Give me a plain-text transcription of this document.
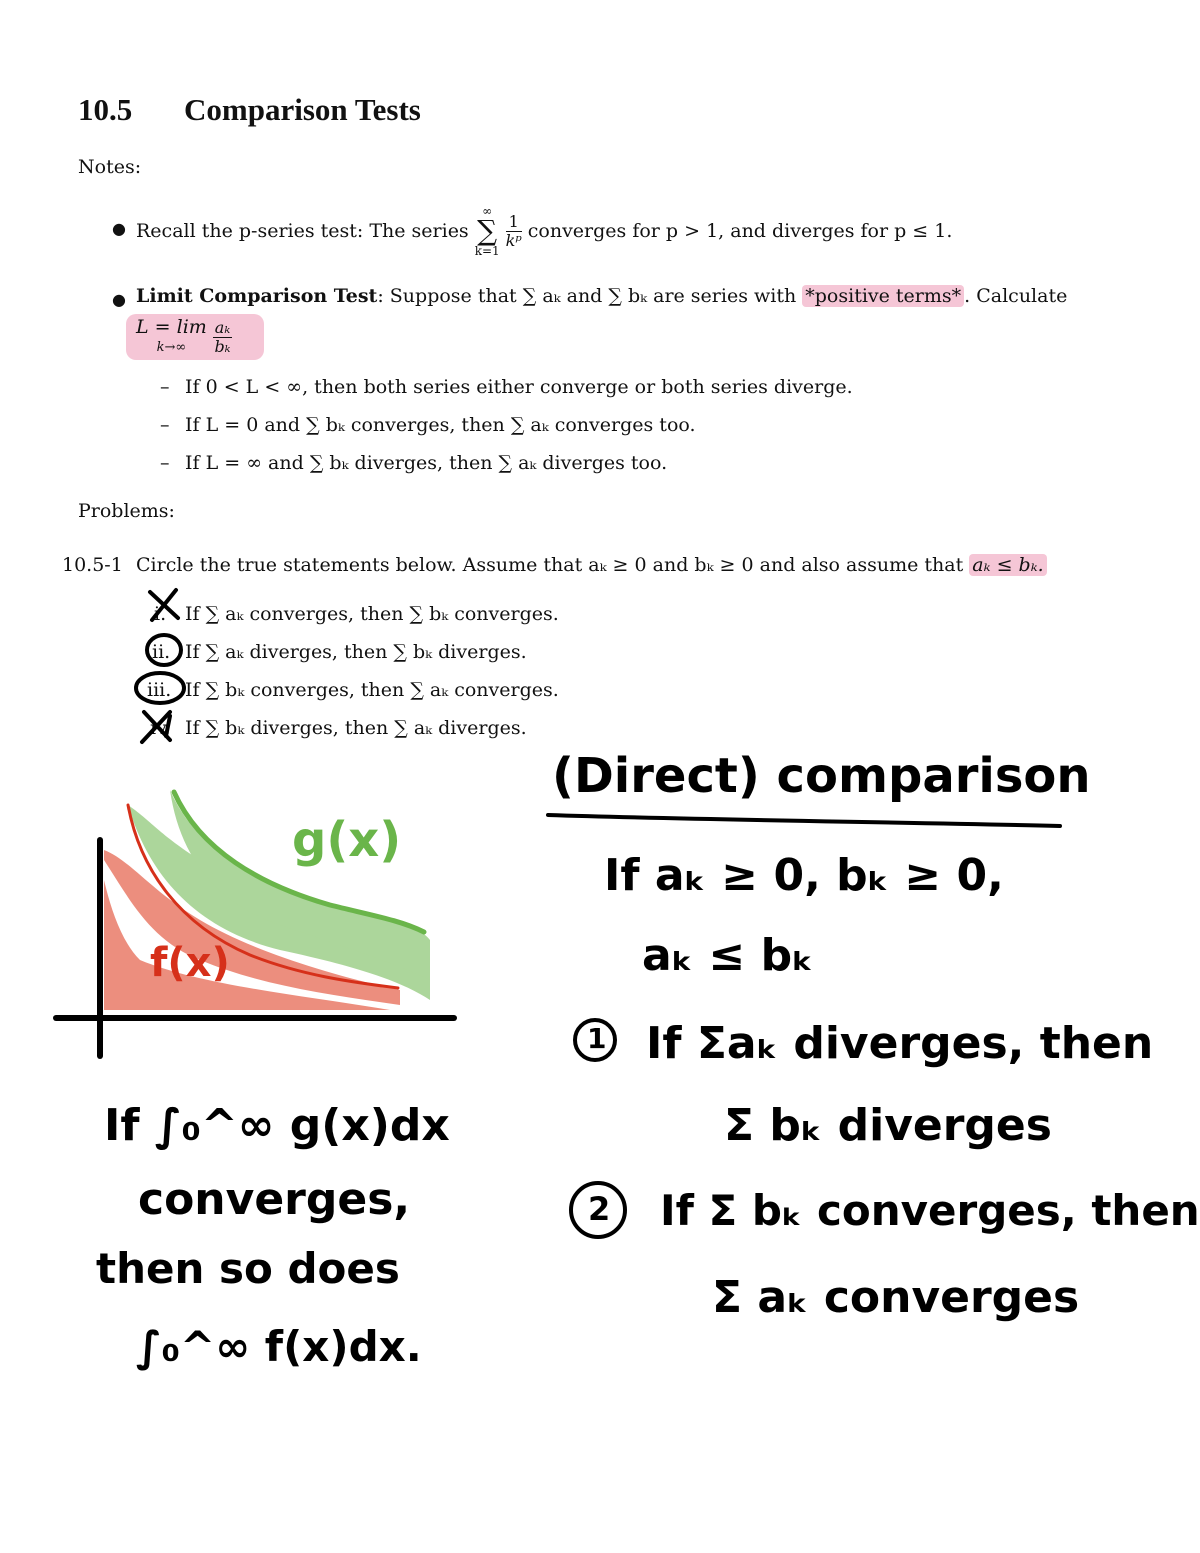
10.5 Comparison Tests
Notes:
● Recall the p-series test: The series
∞
∑
k=1
$\frac{1}{\text{kᵖ}}$ converges for p > 1, and diverges for p ≤ 1.
● Limit Comparison Test: Suppose that ∑ aₖ and ∑ bₖ are series with *positive terms* . Calculate
L = lim
k→∞	$\frac{\text{aₖ}}{\text{bₖ}}$
– If 0 < L < ∞, then both series either converge or both series diverge.
– If L = 0 and ∑ bₖ converges, then ∑ aₖ converges too.
– If L = ∞ and ∑ bₖ diverges, then ∑ aₖ diverges too.
Problems:
10.5-1 Circle the true statements below. Assume that aₖ ≥ 0 and bₖ ≥ 0 and also assume that aₖ ≤ bₖ.
i. If ∑ aₖ converges, then ∑ bₖ converges.
ii. If ∑ aₖ diverges, then ∑ bₖ diverges.
iii. If ∑ bₖ converges, then ∑ aₖ converges.
iv. If ∑ bₖ diverges, then ∑ aₖ diverges.
g(x)
f(x)
If ∫₀^∞ g(x)dx
converges,
then so does
∫₀^∞ f(x)dx.
(Direct) comparison
If aₖ ≥ 0, bₖ ≥ 0,
aₖ ≤ bₖ
1 If Σaₖ diverges, then
Σ bₖ diverges
2 If Σ bₖ converges, then
Σ aₖ converges
